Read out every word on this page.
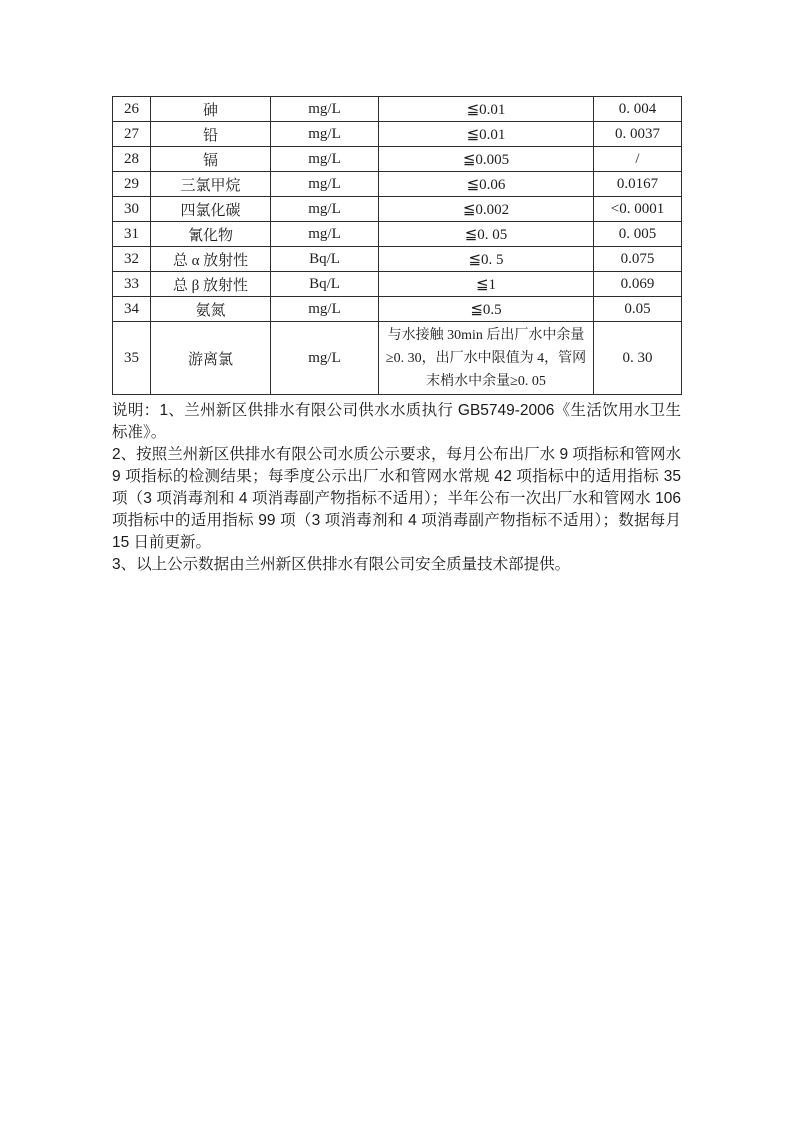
26	砷	mg/L	≦0.01	0. 004
27	铅	mg/L	≦0.01	0. 0037
28	镉	mg/L	≦0.005	/
29	三氯甲烷	mg/L	≦0.06	0.0167
30	四氯化碳	mg/L	≦0.002	<0. 0001
31	氰化物	mg/L	≦0. 05	0. 005
32	总 α 放射性	Bq/L	≦0. 5	0.075
33	总 β 放射性	Bq/L	≦1	0.069
34	氨氮	mg/L	≦0.5	0.05
35	游离氯	mg/L	与水接触 30min 后出厂水中余量≥0. 30，出厂水中限值为 4，管网末梢水中余量≥0. 05	0. 30

说明：1、兰州新区供排水有限公司供水水质执行 GB5749-2006《生活饮用水卫生标准》。

2、按照兰州新区供排水有限公司水质公示要求，每月公布出厂水 9 项指标和管网水 9 项指标的检测结果；每季度公示出厂水和管网水常规 42 项指标中的适用指标 35 项（3 项消毒剂和 4 项消毒副产物指标不适用）；半年公布一次出厂水和管网水 106 项指标中的适用指标 99 项（3 项消毒剂和 4 项消毒副产物指标不适用）；数据每月 15 日前更新。

3、以上公示数据由兰州新区供排水有限公司安全质量技术部提供。
